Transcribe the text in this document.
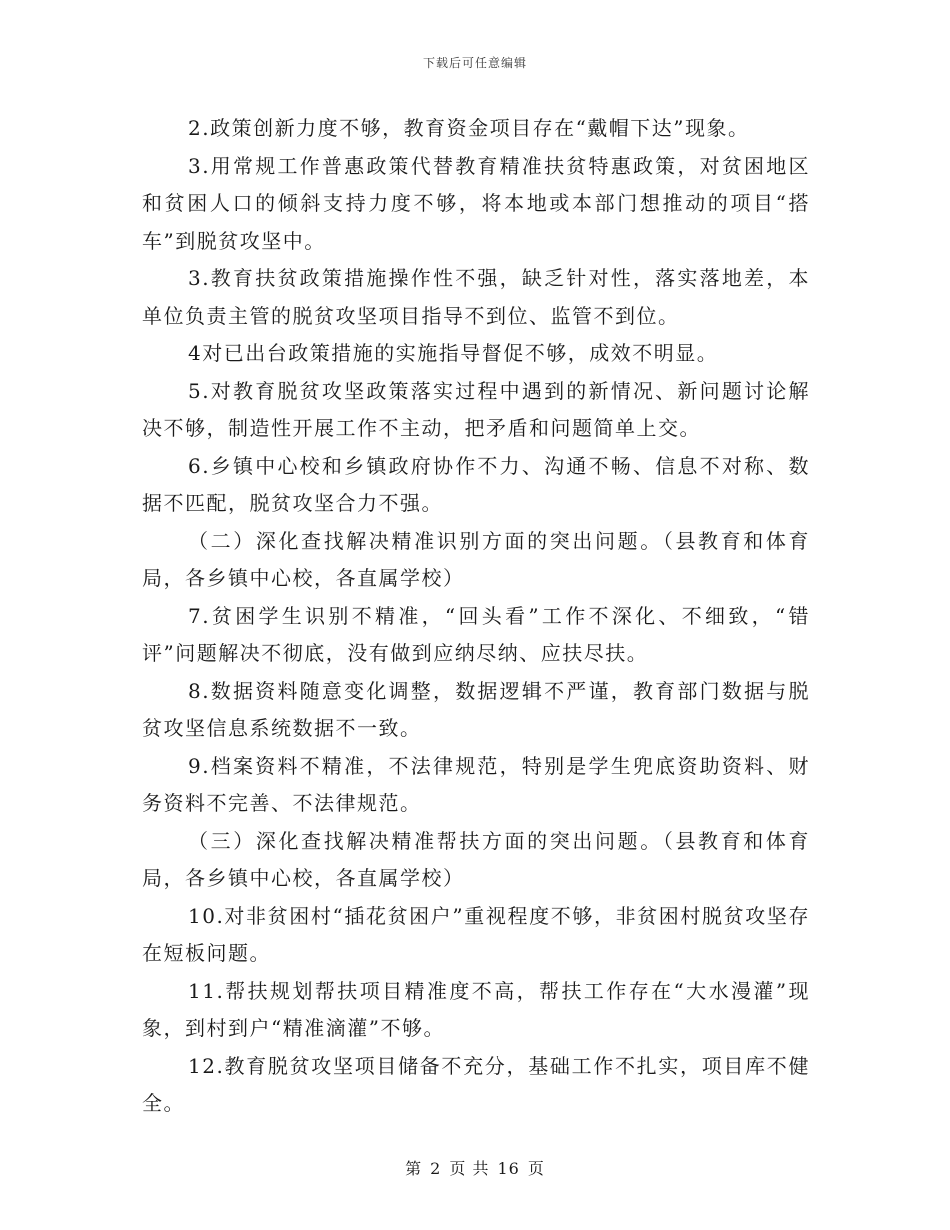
下载后可任意编辑

2.政策创新力度不够，教育资金项目存在“戴帽下达”现象。

3.用常规工作普惠政策代替教育精准扶贫特惠政策，对贫困地区和贫困人口的倾斜支持力度不够，将本地或本部门想推动的项目“搭车”到脱贫攻坚中。

3.教育扶贫政策措施操作性不强，缺乏针对性，落实落地差，本单位负责主管的脱贫攻坚项目指导不到位、监管不到位。

4对已出台政策措施的实施指导督促不够，成效不明显。

5.对教育脱贫攻坚政策落实过程中遇到的新情况、新问题讨论解决不够，制造性开展工作不主动，把矛盾和问题简单上交。

6.乡镇中心校和乡镇政府协作不力、沟通不畅、信息不对称、数据不匹配，脱贫攻坚合力不强。

（二）深化查找解决精准识别方面的突出问题。（县教育和体育局，各乡镇中心校，各直属学校）

7.贫困学生识别不精准，“回头看”工作不深化、不细致，“错评”问题解决不彻底，没有做到应纳尽纳、应扶尽扶。

8.数据资料随意变化调整，数据逻辑不严谨，教育部门数据与脱贫攻坚信息系统数据不一致。

9.档案资料不精准，不法律规范，特别是学生兜底资助资料、财务资料不完善、不法律规范。

（三）深化查找解决精准帮扶方面的突出问题。（县教育和体育局，各乡镇中心校，各直属学校）

10.对非贫困村“插花贫困户”重视程度不够，非贫困村脱贫攻坚存在短板问题。

11.帮扶规划帮扶项目精准度不高，帮扶工作存在“大水漫灌”现象，到村到户“精准滴灌”不够。

12.教育脱贫攻坚项目储备不充分，基础工作不扎实，项目库不健全。

第 2 页 共 16 页
